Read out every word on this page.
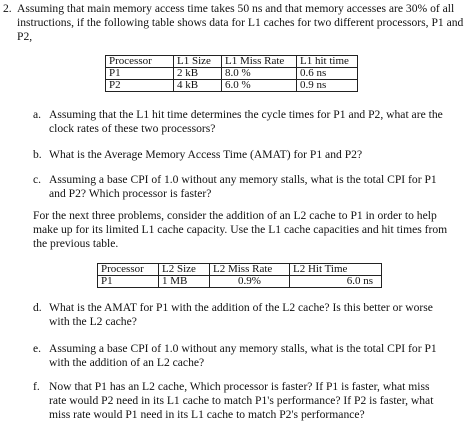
2. Assuming that main memory access time takes 50 ns and that memory accesses are 30% of all instructions, if the following table shows data for L1 caches for two different processors, P1 and P2,

Processor	L1 Size	L1 Miss Rate	L1 hit time
P1	2 kB	8.0 %	0.6 ns
P2	4 kB	6.0 %	0.9 ns
a. Assuming that the L1 hit time determines the cycle times for P1 and P2, what are the clock rates of these two processors?

b. What is the Average Memory Access Time (AMAT) for P1 and P2?

c. Assuming a base CPI of 1.0 without any memory stalls, what is the total CPI for P1 and P2? Which processor is faster?

For the next three problems, consider the addition of an L2 cache to P1 in order to help make up for its limited L1 cache capacity. Use the L1 cache capacities and hit times from the previous table.

Processor	L2 Size	L2 Miss Rate	L2 Hit Time
P1	1 MB	0.9%	6.0 ns
d. What is the AMAT for P1 with the addition of the L2 cache? Is this better or worse with the L2 cache?

e. Assuming a base CPI of 1.0 without any memory stalls, what is the total CPI for P1 with the addition of an L2 cache?

f. Now that P1 has an L2 cache, Which processor is faster? If P1 is faster, what miss rate would P2 need in its L1 cache to match P1's performance? If P2 is faster, what miss rate would P1 need in its L1 cache to match P2's performance?
